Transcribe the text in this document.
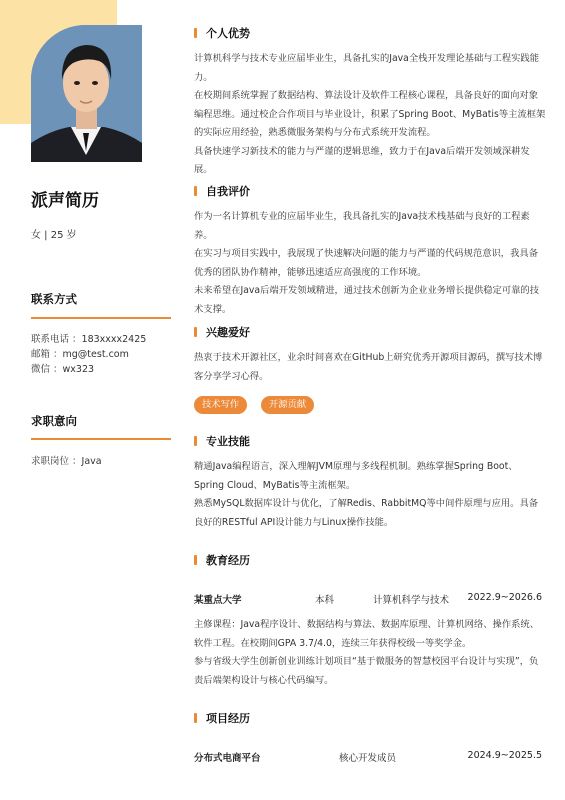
派声简历
女 | 25 岁
联系方式
联系电话 ：183xxxx2425
邮箱 ：mg@test.com
微信 ：wx323
求职意向
求职岗位 ：Java
个人优势

计算机科学与技术专业应届毕业生，具备扎实的Java全栈开发理论基础与工程实践能力。

在校期间系统掌握了数据结构、算法设计及软件工程核心课程，具备良好的面向对象编程思维。通过校企合作项目与毕业设计，积累了Spring Boot、MyBatis等主流框架的实际应用经验，熟悉微服务架构与分布式系统开发流程。

具备快速学习新技术的能力与严谨的逻辑思维，致力于在Java后端开发领域深耕发展。

自我评价

作为一名计算机专业的应届毕业生，我具备扎实的Java技术栈基础与良好的工程素养。

在实习与项目实践中，我展现了快速解决问题的能力与严谨的代码规范意识，我具备优秀的团队协作精神，能够迅速适应高强度的工作环境。

未来希望在Java后端开发领域精进，通过技术创新为企业业务增长提供稳定可靠的技术支撑。

兴趣爱好

热衷于技术开源社区，业余时间喜欢在GitHub上研究优秀开源项目源码，撰写技术博客分享学习心得。

技术写作	开源贡献
专业技能

精通Java编程语言，深入理解JVM原理与多线程机制。熟练掌握Spring Boot、Spring Cloud、MyBatis等主流框架。

熟悉MySQL数据库设计与优化，了解Redis、RabbitMQ等中间件原理与应用。具备良好的RESTful API设计能力与Linux操作技能。

教育经历
某重点大学	本科	计算机科学与技术 2022.9~2026.6

主修课程：Java程序设计、数据结构与算法、数据库原理、计算机网络、操作系统、软件工程。在校期间GPA 3.7/4.0，连续三年获得校级一等奖学金。

参与省级大学生创新创业训练计划项目“基于微服务的智慧校园平台设计与实现”，负责后端架构设计与核心代码编写。

项目经历
分布式电商平台	核心开发成员	2024.9~2025.5
